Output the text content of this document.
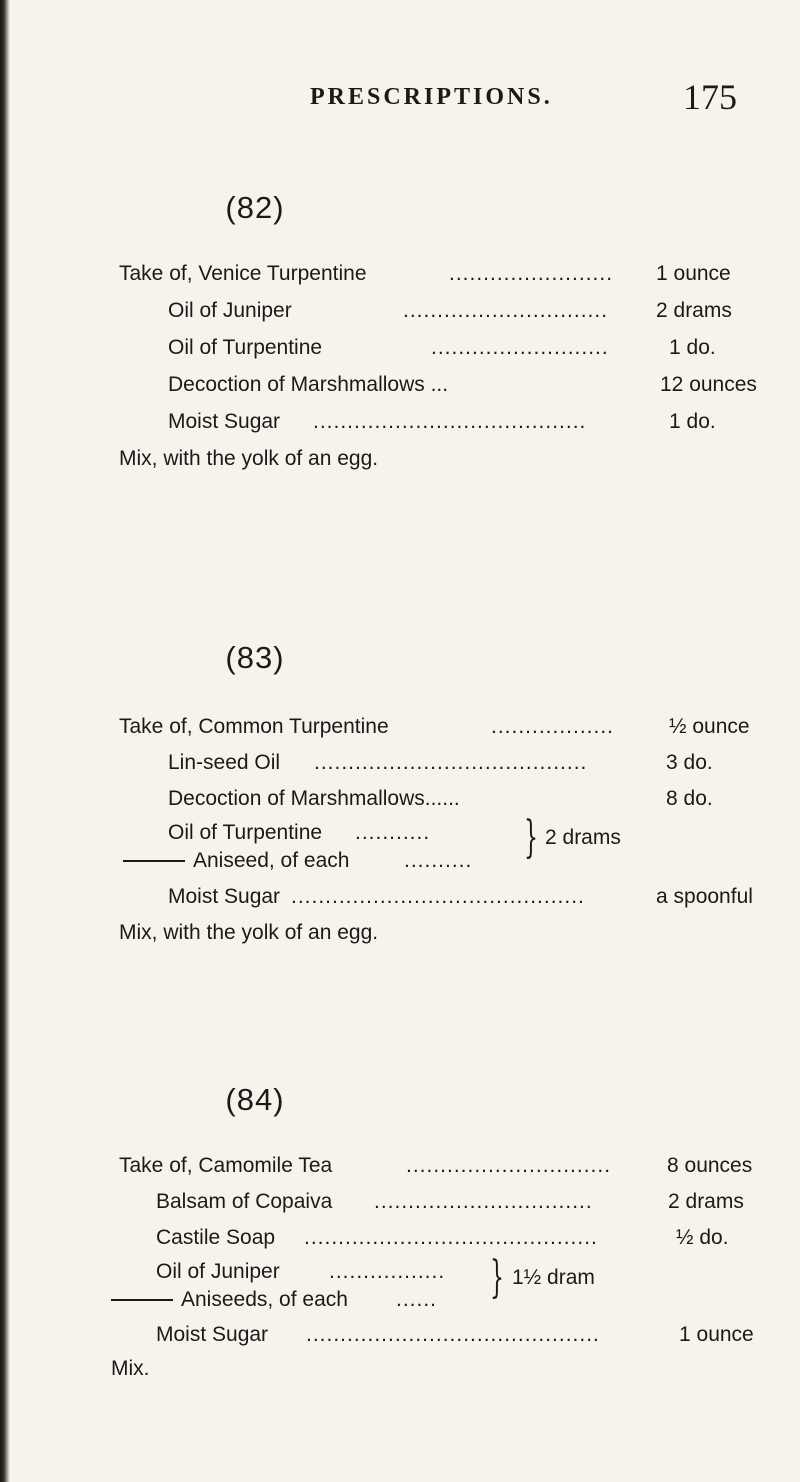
PRESCRIPTIONS.	175
(82)
Take of, Venice Turpentine	........................	1 ounce
Oil of Juniper	..............................	2 drams
Oil of Turpentine	..........................	1 do.
Decoction of Marshmallows ...	12 ounces
Moist Sugar ........................................	1 do.
Mix, with the yolk of an egg.
(83)
Take of, Common Turpentine	..................	½ ounce
Lin-seed Oil ........................................	3 do.
Decoction of Marshmallows......	8 do.
Oil of Turpentine ...........
Aniseed, of each	..........	} 2 drams
Moist Sugar ...........................................	a spoonful
Mix, with the yolk of an egg.
(84)
Take of, Camomile Tea	..............................	8 ounces
Balsam of Copaiva ................................	2 drams
Castile Soap ...........................................	½ do.
Oil of Juniper .................
Aniseeds, of each ......	} 1½ dram
Moist Sugar ...........................................	1 ounce
Mix.
